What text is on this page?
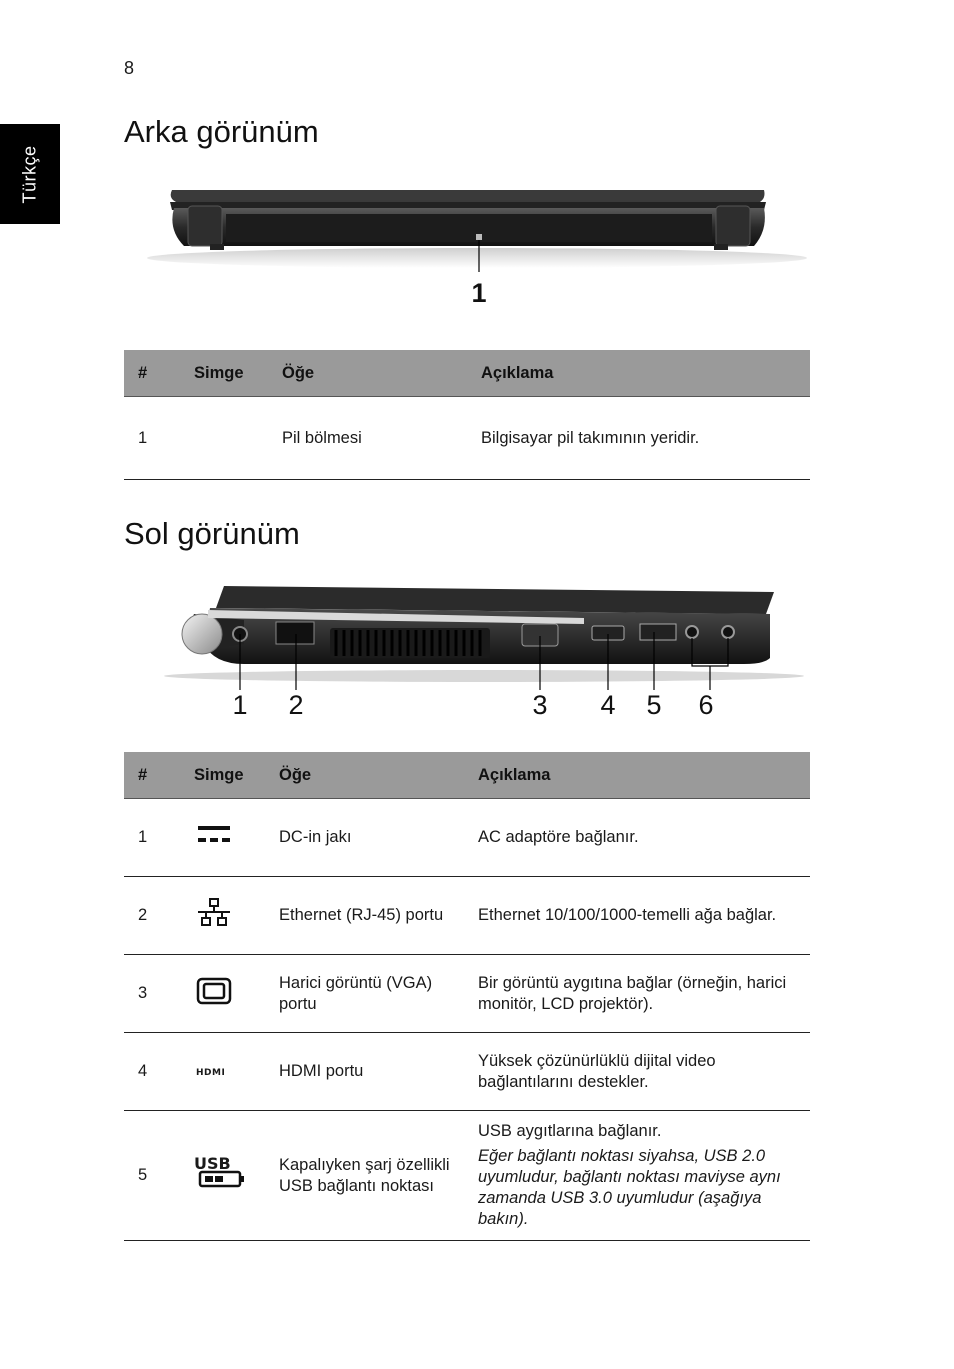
8
Türkçe
Arka görünüm
1
#	Simge	Öğe	Açıklama
1		Pil bölmesi	Bilgisayar pil takımının yeridir.
Sol görünüm
1 2	3 4 5 6
#	Simge	Öğe	Açıklama
1		DC-in jakı	AC adaptöre bağlanır.
2		Ethernet (RJ-45) portu	Ethernet 10/100/1000-temelli ağa bağlar.
3		Harici görüntü (VGA) portu	Bir görüntü aygıtına bağlar (örneğin, harici monitör, LCD projektör).
4	HDMI	HDMI portu	Yüksek çözünürlüklü dijital video bağlantılarını destekler.
5	USB	Kapalıyken şarj özellikli USB bağlantı noktası	USB aygıtlarına bağlanır.
Eğer bağlantı noktası siyahsa, USB 2.0 uyumludur, bağlantı noktası maviyse aynı zamanda USB 3.0 uyumludur (aşağıya bakın).
